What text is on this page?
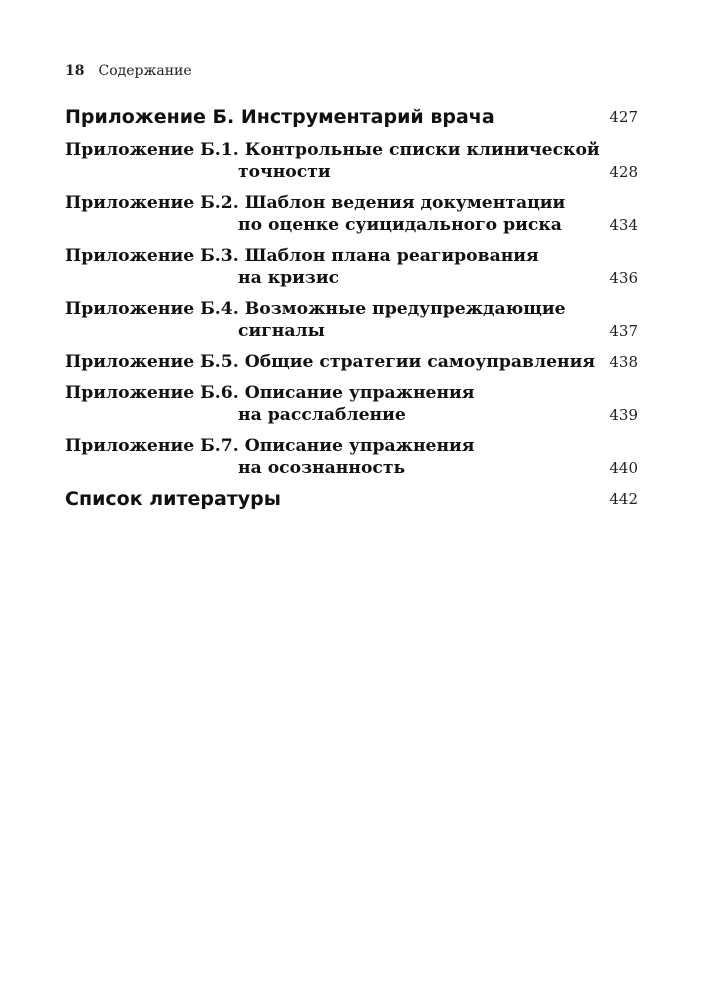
18 Содержание
Приложение Б. Инструментарий врача	427
Приложение Б.1. Контрольные списки клинической
точности	428
Приложение Б.2. Шаблон ведения документации
по оценке суицидального риска	434
Приложение Б.3. Шаблон плана реагирования
на кризис	436
Приложение Б.4. Возможные предупреждающие
сигналы	437
Приложение Б.5. Общие стратегии самоуправления 438
Приложение Б.6. Описание упражнения
на расслабление	439
Приложение Б.7. Описание упражнения
на осознанность	440
Список литературы	442
